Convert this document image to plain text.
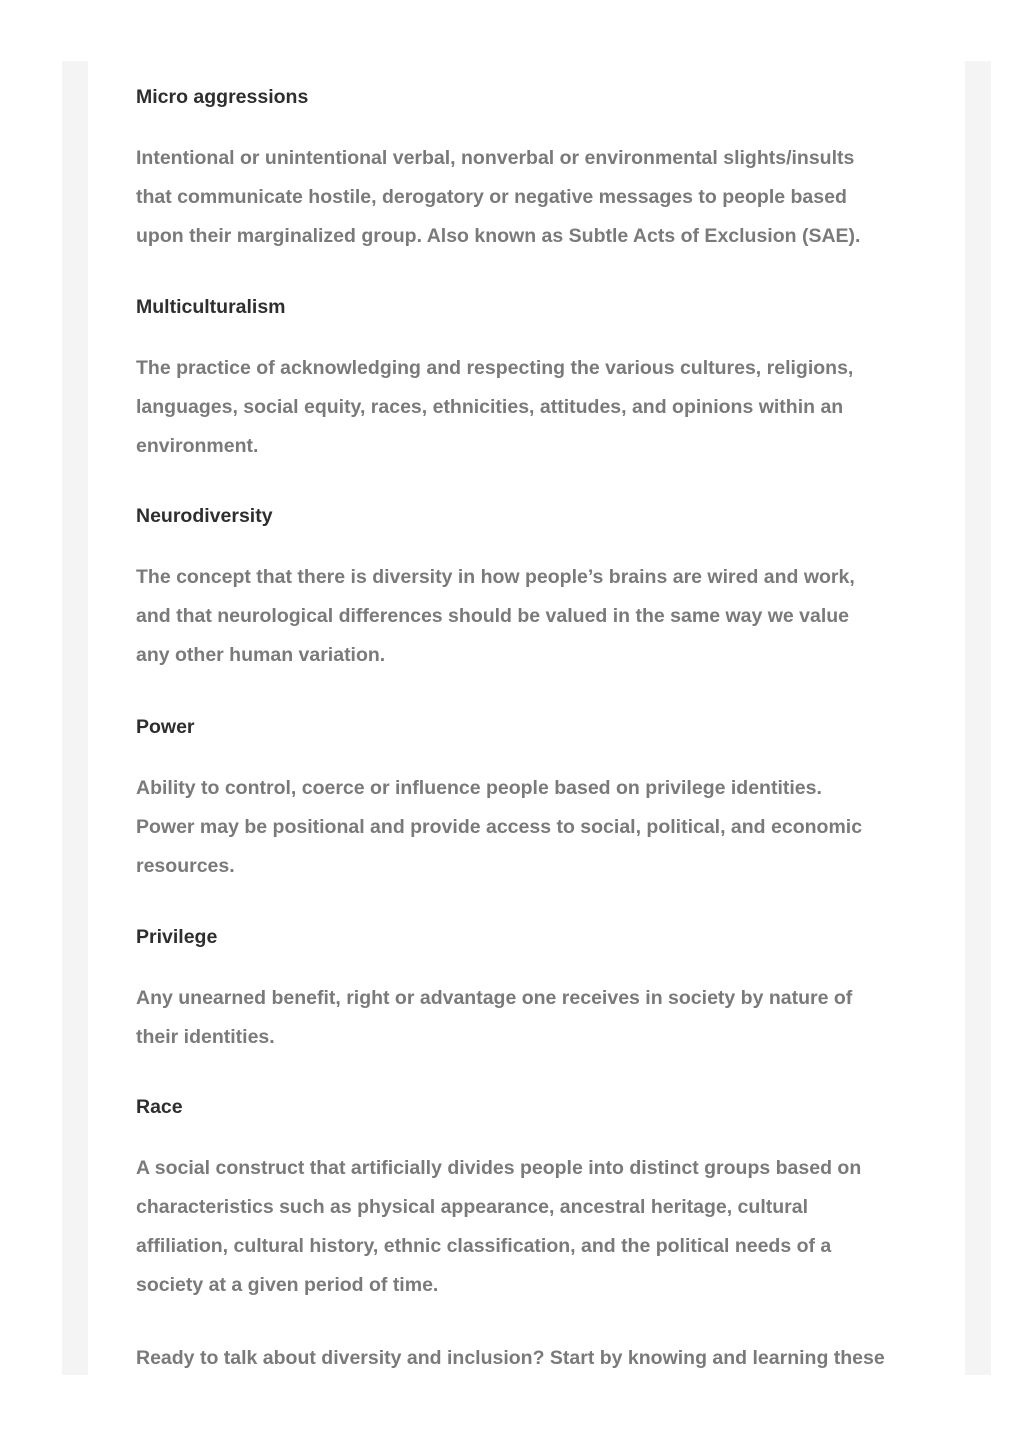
Micro aggressions

Intentional or unintentional verbal, nonverbal or environmental slights/insults

that communicate hostile, derogatory or negative messages to people based

upon their marginalized group. Also known as Subtle Acts of Exclusion (SAE).

Multiculturalism

The practice of acknowledging and respecting the various cultures, religions,

languages, social equity, races, ethnicities, attitudes, and opinions within an

environment.

Neurodiversity

The concept that there is diversity in how people’s brains are wired and work,

and that neurological differences should be valued in the same way we value

any other human variation.

Power

Ability to control, coerce or influence people based on privilege identities.

Power may be positional and provide access to social, political, and economic

resources.

Privilege

Any unearned benefit, right or advantage one receives in society by nature of

their identities.

Race

A social construct that artificially divides people into distinct groups based on

characteristics such as physical appearance, ancestral heritage, cultural

affiliation, cultural history, ethnic classification, and the political needs of a

society at a given period of time.

Ready to talk about diversity and inclusion? Start by knowing and learning these
